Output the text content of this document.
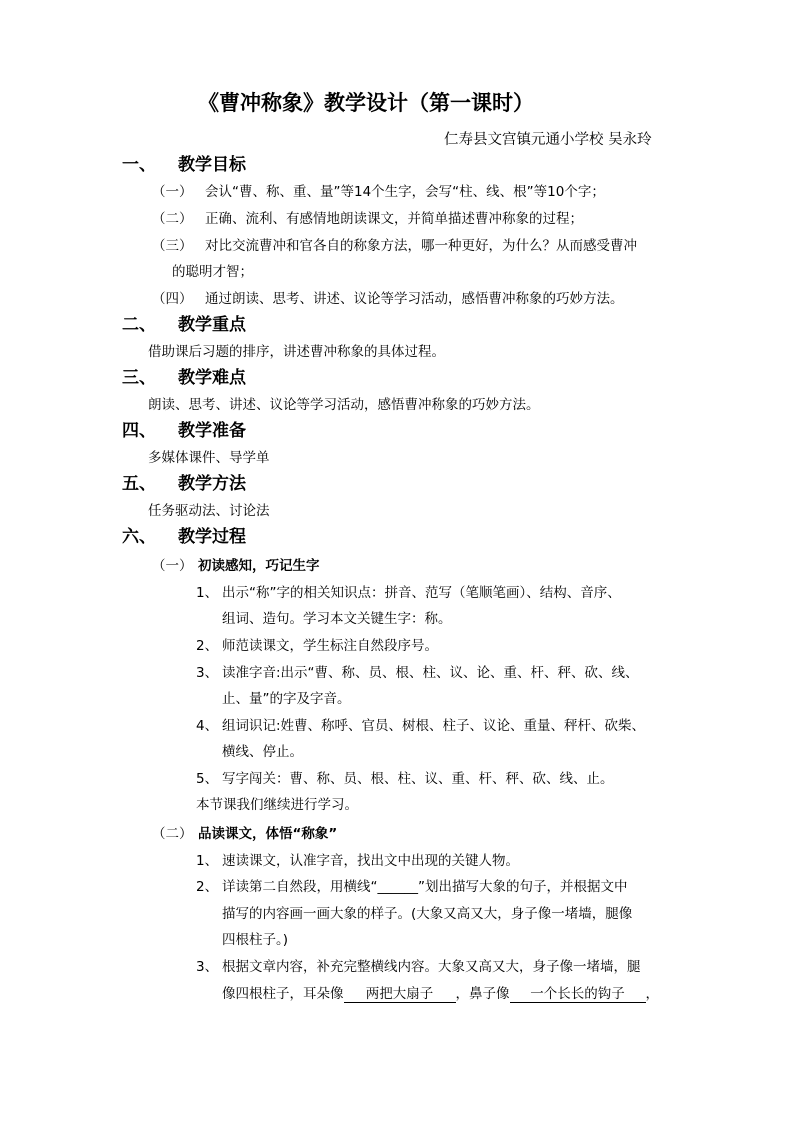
《曹冲称象》教学设计（第一课时）
仁寿县文宫镇元通小学校 吴永玲
一、 教学目标
（一） 会认“曹、称、重、量”等14个生字，会写“柱、线、根”等10个字；
（二） 正确、流利、有感情地朗读课文，并简单描述曹冲称象的过程；
（三） 对比交流曹冲和官各自的称象方法，哪一种更好，为什么？从而感受曹冲
的聪明才智；
（四） 通过朗读、思考、讲述、议论等学习活动，感悟曹冲称象的巧妙方法。
二、 教学重点
借助课后习题的排序，讲述曹冲称象的具体过程。
三、 教学难点
朗读、思考、讲述、议论等学习活动，感悟曹冲称象的巧妙方法。
四、 教学准备
多媒体课件、导学单
五、 教学方法
任务驱动法、讨论法
六、 教学过程
（一） 初读感知，巧记生字
1、 出示“称”字的相关知识点：拼音、范写（笔顺笔画）、结构、音序、
组词、造句。学习本文关键生字：称。
2、 师范读课文，学生标注自然段序号。
3、 读准字音:出示“曹、称、员、根、柱、议、论、重、杆、秤、砍、线、
止、量”的字及字音。
4、 组词识记:姓曹、称呼、官员、树根、柱子、议论、重量、秤杆、砍柴、
横线、停止。
5、 写字闯关：曹、称、员、根、柱、议、重、杆、秤、砍、线、止。
本节课我们继续进行学习。
（二） 品读课文，体悟“称象”
1、 速读课文，认准字音，找出文中出现的关键人物。
2、 详读第二自然段，用横线“______”划出描写大象的句子，并根据文中
描写的内容画一画大象的样子。(大象又高又大，身子像一堵墙，腿像
四根柱子。)
3、 根据文章内容，补充完整横线内容。大象又高又大，身子像一堵墙，腿
像四根柱子，耳朵像 两把大扇子 ，鼻子像 一个长长的钩子 ，
